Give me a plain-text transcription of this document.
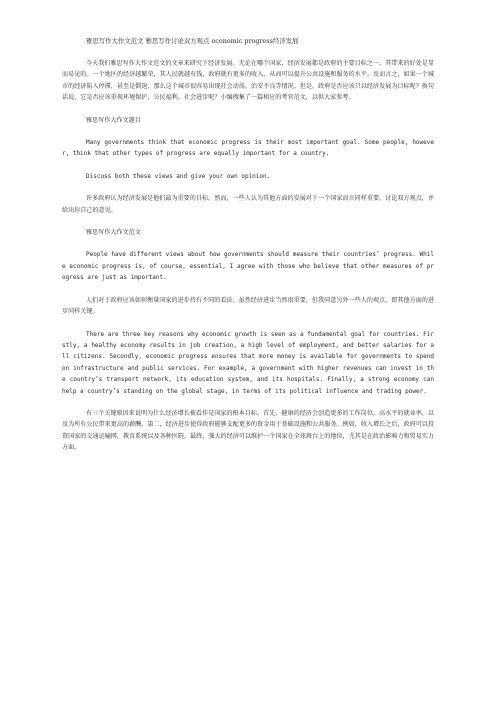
雅思写作大作文范文 雅思写作讨论双方观点 economic progress经济发展

今天我们雅思写作大作文范文的文章来研究下经济发展。无论在哪个国家，经济发展都是政府的主要目标之一。其带来的好处是显而易见的。一个地区的经济越繁荣，其人民就越有钱，政府就有更多的收入，从而可以提升公共设施和服务的水平。反而言之，如果一个城市的经济陷入停滞，甚至是倒退，那么这个城市很容易出现社会动荡，治安不良等情况。但是，政府是否应该只以经济发展为目标呢？换句话说，它是否应该重视环境保护，公民福利，社会进步呢？小编搜集了一篇相应的考官范文，以供大家参考。

雅思写作大作文题目

Many governments think that economic progress is their most important goal. Some people, however, think that other types of progress are equally important for a country.

Discuss both these views and give your own opinion.

许多政府认为经济发展是他们最为重要的目标。然而，一些人认为其他方面的发展对于一个国家而言同样重要。讨论双方观点，并给出你自己的意见。

雅思写作大作文范文

People have different views about how governments should measure their countries’ progress. While economic progress is, of course, essential, I agree with those who believe that other measures of progress are just as important.

人们对于政府应该如何衡量国家的进步持有不同的看法。虽然经济进步当然很重要，但我同意另外一些人的观点，即其他方面的进步同样关键。

There are three key reasons why economic growth is seen as a fundamental goal for countries. Firstly, a healthy economy results in job creation, a high level of employment, and better salaries for all citizens. Secondly, economic progress ensures that more money is available for governments to spend on infrastructure and public services. For example, a government with higher revenues can invest in the country’s transport network, its education system, and its hospitals. Finally, a strong economy can help a country’s standing on the global stage, in terms of its political influence and trading power.

有三个关键原因来说明为什么经济增长被看作是国家的根本目标。首先，健康的经济会创造更多的工作岗位，高水平的就业率，以及为所有公民带来更高的薪酬。第二，经济进步使得政府能够支配更多的资金用于基础设施和公共服务。例如，收入增长之后，政府可以投资国家的交通运输网，教育系统以及各种医院。最终，强大的经济可以维护一个国家在全球舞台上的地位，尤其是在政治影响力和贸易实力方面。
